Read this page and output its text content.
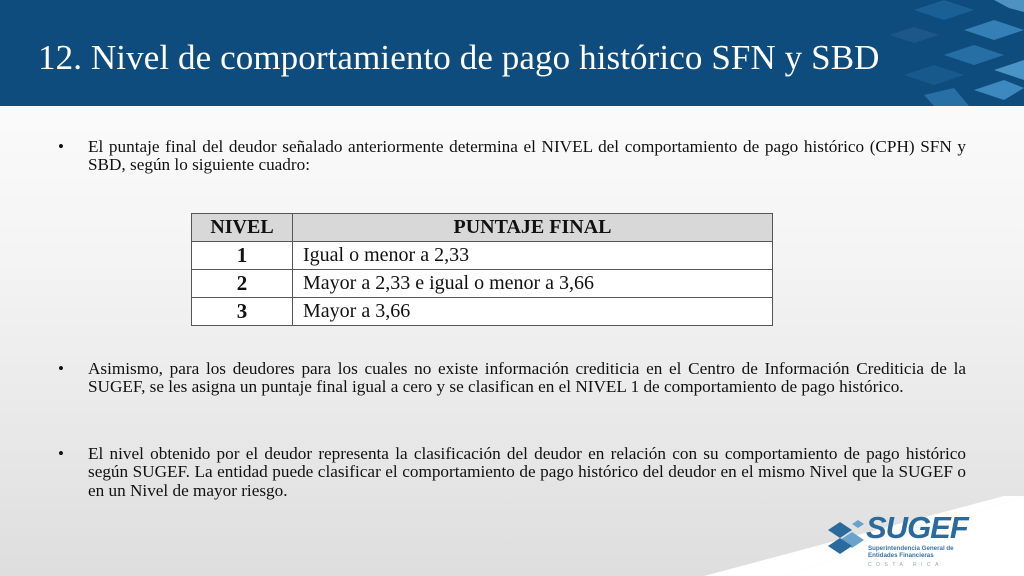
12. Nivel de comportamiento de pago histórico SFN y SBD
• El puntaje final del deudor señalado anteriormente determina el NIVEL del comportamiento de pago histórico (CPH) SFN y SBD, según lo siguiente cuadro:
• Asimismo, para los deudores para los cuales no existe información crediticia en el Centro de Información Crediticia de la SUGEF, se les asigna un puntaje final igual a cero y se clasifican en el NIVEL 1 de comportamiento de pago histórico.
• El nivel obtenido por el deudor representa la clasificación del deudor en relación con su comportamiento de pago histórico según SUGEF. La entidad puede clasificar el comportamiento de pago histórico del deudor en el mismo Nivel que la SUGEF o en un Nivel de mayor riesgo.
NIVEL	PUNTAJE FINAL
1	Igual o menor a 2,33
2	Mayor a 2,33 e igual o menor a 3,66
3	Mayor a 3,66
SUGEF
Superintendencia General de Entidades Financieras
COSTA RICA
